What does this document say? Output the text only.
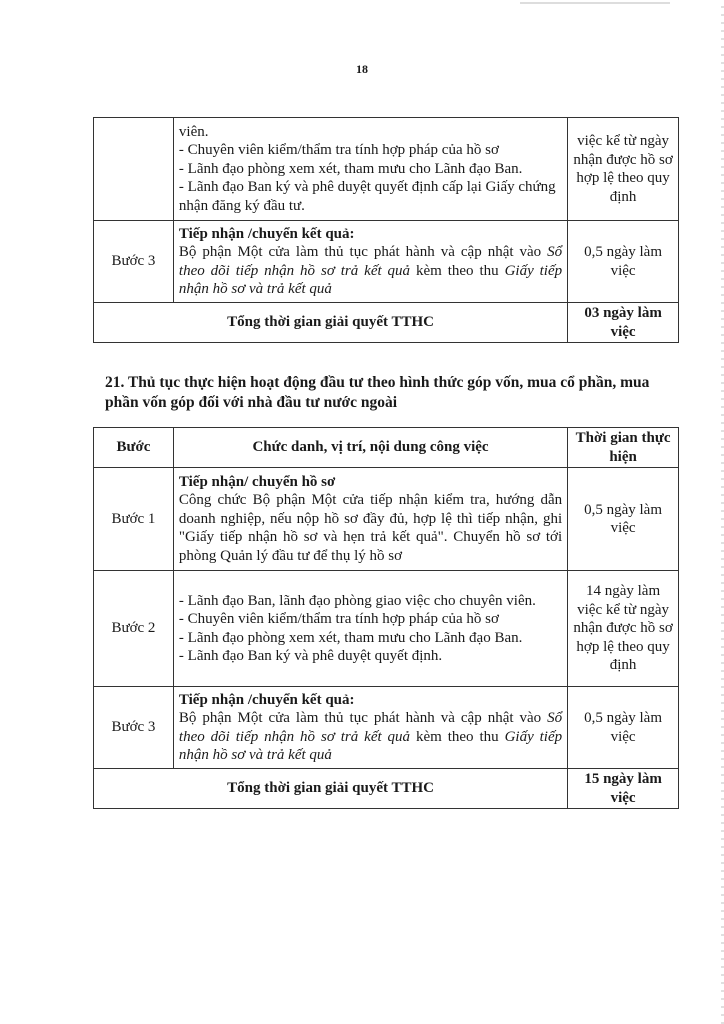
18

	viên.
- Chuyên viên kiểm/thẩm tra tính hợp pháp của hồ sơ
- Lãnh đạo phòng xem xét, tham mưu cho Lãnh đạo Ban.
- Lãnh đạo Ban ký và phê duyệt quyết định cấp lại Giấy chứng nhận đăng ký đầu tư.	việc kể từ ngày nhận được hồ sơ hợp lệ theo quy định
Bước 3	Tiếp nhận /chuyển kết quả:
Bộ phận Một cửa làm thủ tục phát hành và cập nhật vào Sổ theo dõi tiếp nhận hồ sơ trả kết quả kèm theo thu Giấy tiếp nhận hồ sơ và trả kết quả	0,5 ngày làm việc
Tổng thời gian giải quyết TTHC		03 ngày làm việc
21. Thủ tục thực hiện hoạt động đầu tư theo hình thức góp vốn, mua cổ phần, mua phần vốn góp đối với nhà đầu tư nước ngoài
Bước	Chức danh, vị trí, nội dung công việc	Thời gian thực hiện
Bước 1	Tiếp nhận/ chuyển hồ sơ
Công chức Bộ phận Một cửa tiếp nhận kiểm tra, hướng dẫn doanh nghiệp, nếu nộp hồ sơ đầy đủ, hợp lệ thì tiếp nhận, ghi "Giấy tiếp nhận hồ sơ và hẹn trả kết quả". Chuyển hồ sơ tới phòng Quản lý đầu tư để thụ lý hồ sơ	0,5 ngày làm việc
Bước 2	- Lãnh đạo Ban, lãnh đạo phòng giao việc cho chuyên viên.
- Chuyên viên kiểm/thẩm tra tính hợp pháp của hồ sơ
- Lãnh đạo phòng xem xét, tham mưu cho Lãnh đạo Ban.
- Lãnh đạo Ban ký và phê duyệt quyết định.	14 ngày làm việc kể từ ngày nhận được hồ sơ hợp lệ theo quy định
Bước 3	Tiếp nhận /chuyển kết quả:
Bộ phận Một cửa làm thủ tục phát hành và cập nhật vào Sổ theo dõi tiếp nhận hồ sơ trả kết quả kèm theo thu Giấy tiếp nhận hồ sơ và trả kết quả	0,5 ngày làm việc
Tổng thời gian giải quyết TTHC		15 ngày làm việc
